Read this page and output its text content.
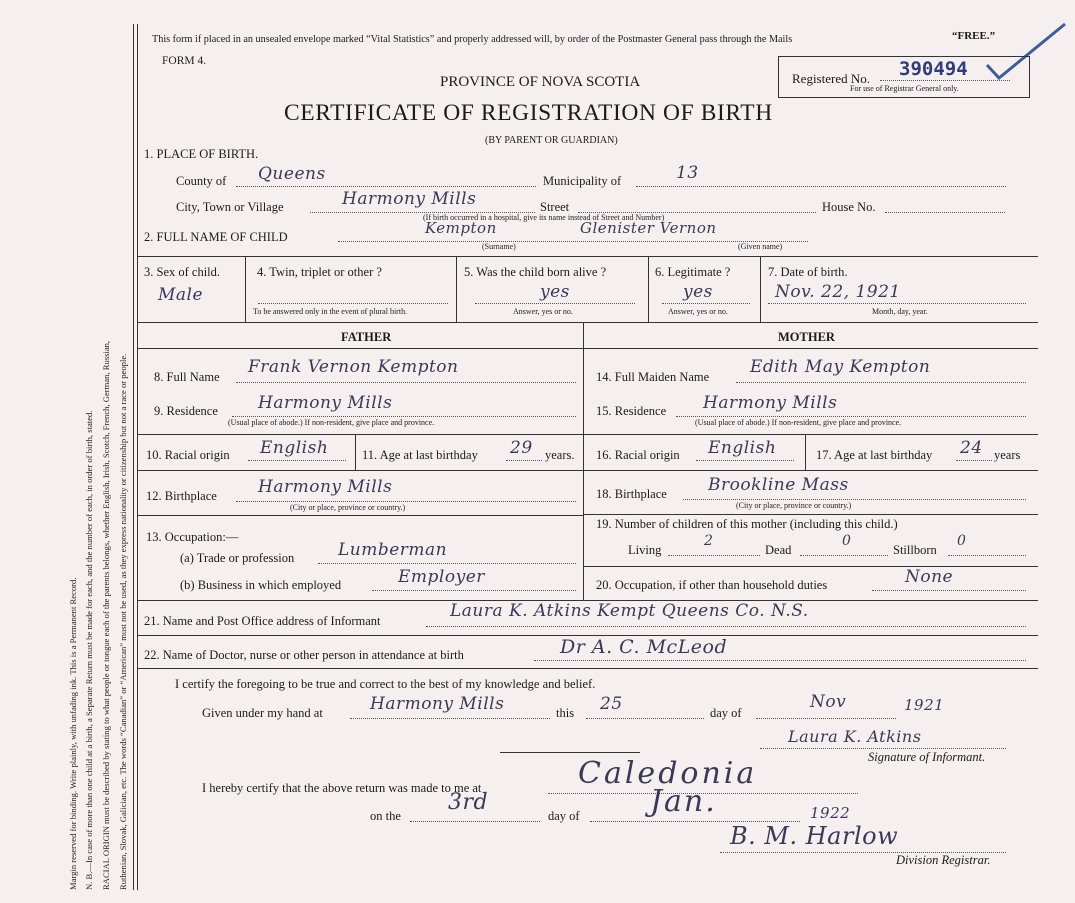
Margin reserved for binding. Write plainly, with unfading ink. This is a Permanent Record. N. B.—In case of more than one child at a birth, a Separate Return must be made for each, and the number of each, in order of birth, stated. RACIAL ORIGIN must be described by stating to what people or tongue each of the parents belongs, whether English, Irish, Scotch, French, German, Russian, Ruthenian, Slovak, Galician, etc. The words “Canadian” or “American” must not be used, as they express nationality or citizenship but not a race or people.
This form if placed in an unsealed envelope marked “Vital Statistics” and properly addressed will, by order of the Postmaster General pass through the Mails	“FREE.”
FORM 4.
PROVINCE OF NOVA SCOTIA
CERTIFICATE OF REGISTRATION OF BIRTH
(BY PARENT OR GUARDIAN)
Registered No. 390494
For use of Registrar General only.
1. PLACE OF BIRTH.
County of Queens	Municipality of	13
City, Town or Village	Harmony Mills	Street	House No.
(If birth occurred in a hospital, give its name instead of Street and Number)
2. FULL NAME OF CHILD	Kempton	Glenister Vernon
(Surname)	(Given name)
3. Sex of child.
Male
4. Twin, triplet or other ?
To be answered only in the event of plural birth.
5. Was the child born alive ?
yes
Answer, yes or no.
6. Legitimate ?
yes
Answer, yes or no.
7. Date of birth.
Nov. 22, 1921
Month, day, year.
FATHER	MOTHER
8. Full Name Frank Vernon Kempton
9. Residence Harmony Mills
(Usual place of abode.) If non-resident, give place and province.
10. Racial origin English	11. Age at last birthday 29 years.
12. Birthplace Harmony Mills
(City or place, province or country.)
13. Occupation:—
(a) Trade or profession	Lumberman
(b) Business in which employed	Employer
14. Full Maiden Name Edith May Kempton
15. Residence Harmony Mills
(Usual place of abode.) If non-resident, give place and province.
16. Racial origin English	17. Age at last birthday 24 years
18. Birthplace Brookline Mass
(City or place, province or country.)
19. Number of children of this mother (including this child.)
Living
2
Dead
0
Stillborn
0
20. Occupation, if other than household duties	None
21. Name and Post Office address of Informant	Laura K. Atkins Kempt Queens Co. N.S.
22. Name of Doctor, nurse or other person in attendance at birth	Dr A. C. McLeod
I certify the foregoing to be true and correct to the best of my knowledge and belief.
Given under my hand at	Harmony Mills	this 25	day of
Nov	1921
Laura K. Atkins
Signature of Informant.
I hereby certify that the above return was made to me at	Caledonia
on the
3rd
day of Jan.	1922
B. M. Harlow
Division Registrar.
